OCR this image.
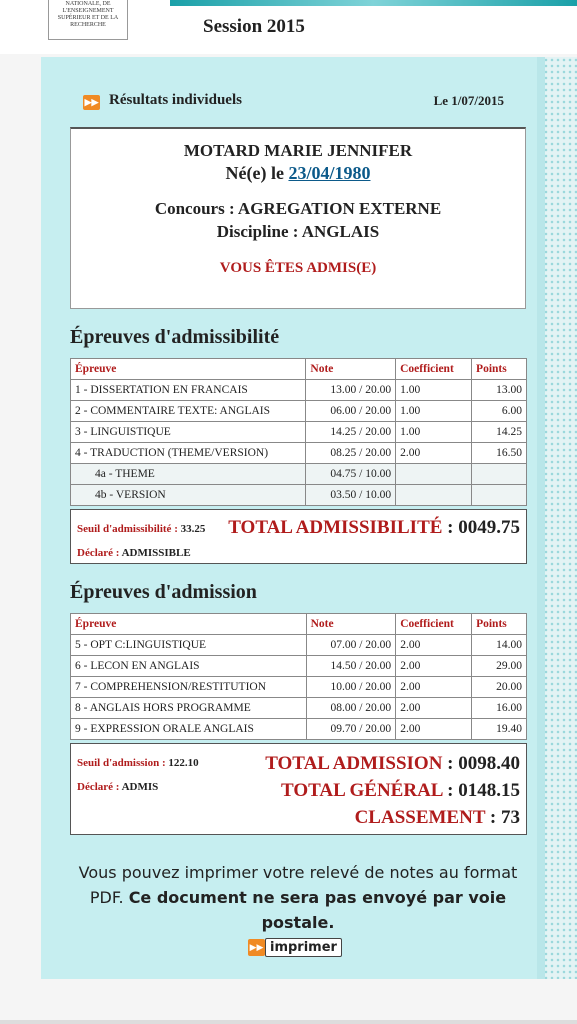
NATIONALE, DE L'ENSEIGNEMENT SUPÉRIEUR ET DE LA RECHERCHE	Session 2015
▶▶ Résultats individuels	Le 1/07/2015
MOTARD MARIE JENNIFER
Né(e) le 23/04/1980
Concours : AGREGATION EXTERNE
Discipline : ANGLAIS
VOUS ÊTES ADMIS(E)
Épreuves d'admissibilité
Épreuve	Note	Coefficient	Points
1 - DISSERTATION EN FRANCAIS	13.00 / 20.00	1.00	13.00
2 - COMMENTAIRE TEXTE: ANGLAIS	06.00 / 20.00	1.00	6.00
3 - LINGUISTIQUE	14.25 / 20.00	1.00	14.25
4 - TRADUCTION (THEME/VERSION)	08.25 / 20.00	2.00	16.50
4a - THEME	04.75 / 10.00		
4b - VERSION	03.50 / 10.00		
Seuil d'admissibilité : 33.25
Déclaré : ADMISSIBLE
TOTAL ADMISSIBILITÉ : 0049.75
Épreuves d'admission
Épreuve	Note	Coefficient	Points
5 - OPT C:LINGUISTIQUE	07.00 / 20.00	2.00	14.00
6 - LECON EN ANGLAIS	14.50 / 20.00	2.00	29.00
7 - COMPREHENSION/RESTITUTION	10.00 / 20.00	2.00	20.00
8 - ANGLAIS HORS PROGRAMME	08.00 / 20.00	2.00	16.00
9 - EXPRESSION ORALE ANGLAIS	09.70 / 20.00	2.00	19.40
Seuil d'admission : 122.10
Déclaré : ADMIS
TOTAL ADMISSION : 0098.40
TOTAL GÉNÉRAL : 0148.15
CLASSEMENT : 73
Vous pouvez imprimer votre relevé de notes au format PDF. Ce document ne sera pas envoyé par voie postale.
▶▶ imprimer
